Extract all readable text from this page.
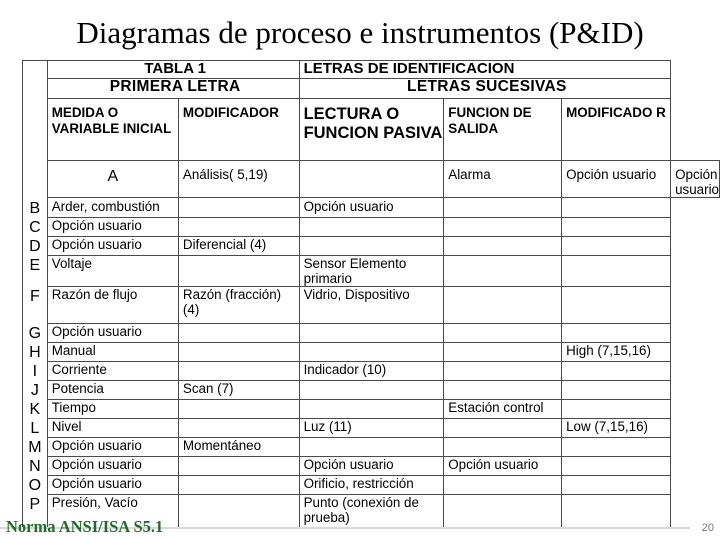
Diagramas de proceso e instrumentos (P&ID)
	TABLA 1		LETRAS DE IDENTIFICACION			
	PRIMERA LETRA		LETRAS SUCESIVAS			
	MEDIDA O VARIABLE INICIAL	MODIFICADOR	LECTURA O FUNCION PASIVA	FUNCION DE SALIDA	MODIFICADO R	
	A	Análisis( 5,19)		Alarma	Opción usuario	Opción usuario
B	Arder, combustión		Opción usuario			
C	Opción usuario					
D	Opción usuario	Diferencial (4)				
E	Voltaje		Sensor Elemento primario			
F	Razón de flujo	Razón (fracción) (4)	Vidrio, Dispositivo			
G	Opción usuario					
H	Manual				High (7,15,16)	
I	Corriente		Indicador (10)			
J	Potencia	Scan (7)				
K	Tiempo			Estación control		
L	Nivel		Luz (11)		Low (7,15,16)	
M	Opción usuario	Momentáneo				
N	Opción usuario		Opción usuario	Opción usuario		
O	Opción usuario		Orificio, restricción			
P	Presión, Vacío		Punto (conexión de prueba)			
Norma ANSI/ISA S5.1	20
